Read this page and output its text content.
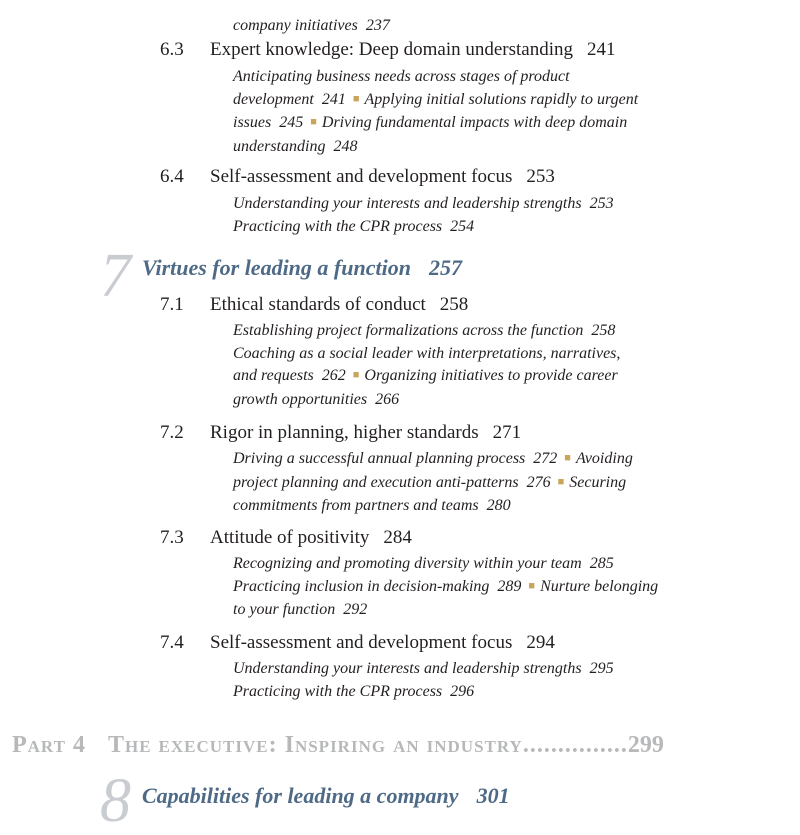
company initiatives 237
6.3 Expert knowledge: Deep domain understanding 241
Anticipating business needs across stages of product
development 241 ■ Applying initial solutions rapidly to urgent
issues 245 ■ Driving fundamental impacts with deep domain
understanding 248
6.4 Self-assessment and development focus 253
Understanding your interests and leadership strengths 253
Practicing with the CPR process 254
7 Virtues for leading a function 257
7.1 Ethical standards of conduct 258
Establishing project formalizations across the function 258
Coaching as a social leader with interpretations, narratives,
and requests 262 ■ Organizing initiatives to provide career
growth opportunities 266
7.2 Rigor in planning, higher standards 271
Driving a successful annual planning process 272 ■ Avoiding
project planning and execution anti-patterns 276 ■ Securing
commitments from partners and teams 280
7.3 Attitude of positivity 284
Recognizing and promoting diversity within your team 285
Practicing inclusion in decision-making 289 ■ Nurture belonging
to your function 292
7.4 Self-assessment and development focus 294
Understanding your interests and leadership strengths 295
Practicing with the CPR process 296
Part 4 The executive: Inspiring an industry...............299
8 Capabilities for leading a company 301
